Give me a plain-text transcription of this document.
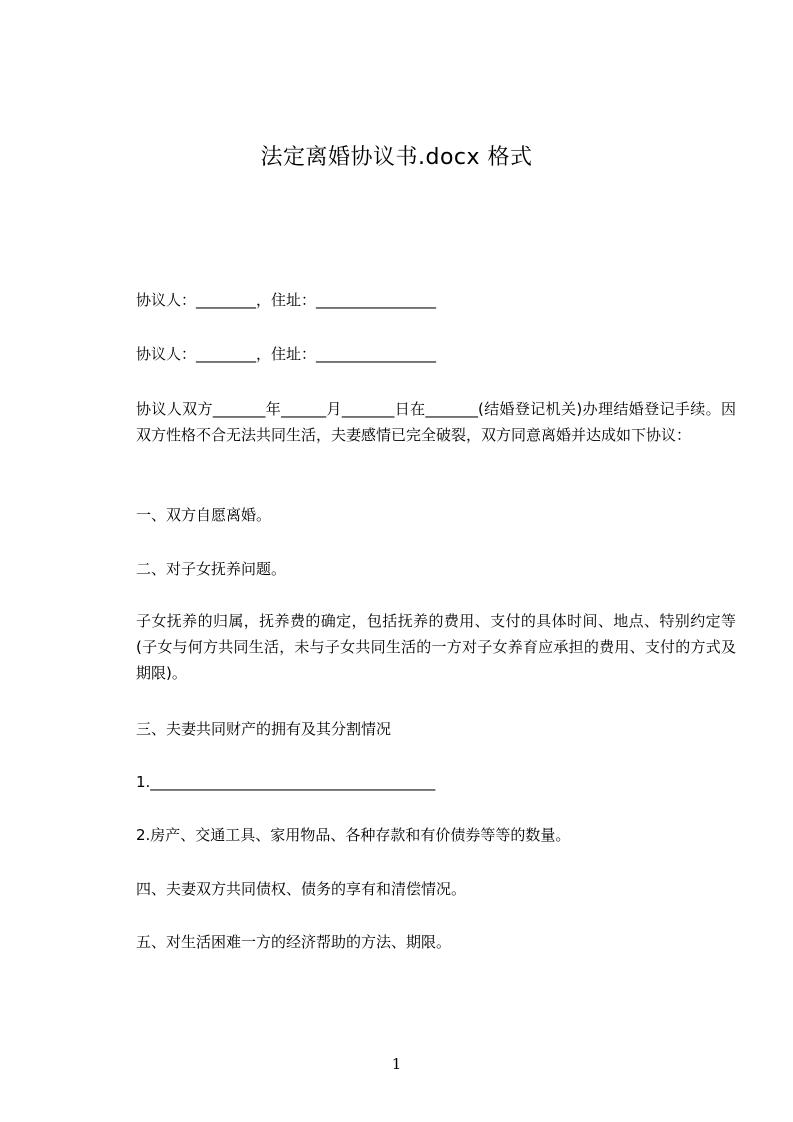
法定离婚协议书.docx 格式
协议人：________，住址：________________
协议人：________，住址：________________
协议人双方_______年______月_______日在_______(结婚登记机关)办理结婚登记手续。因双方性格不合无法共同生活，夫妻感情已完全破裂，双方同意离婚并达成如下协议：
一、双方自愿离婚。
二、对子女抚养问题。
子女抚养的归属，抚养费的确定，包括抚养的费用、支付的具体时间、地点、特别约定等(子女与何方共同生活，未与子女共同生活的一方对子女养育应承担的费用、支付的方式及期限)。
三、夫妻共同财产的拥有及其分割情况
1.______________________________________
2.房产、交通工具、家用物品、各种存款和有价债券等等的数量。
四、夫妻双方共同债权、债务的享有和清偿情况。
五、对生活困难一方的经济帮助的方法、期限。
1
